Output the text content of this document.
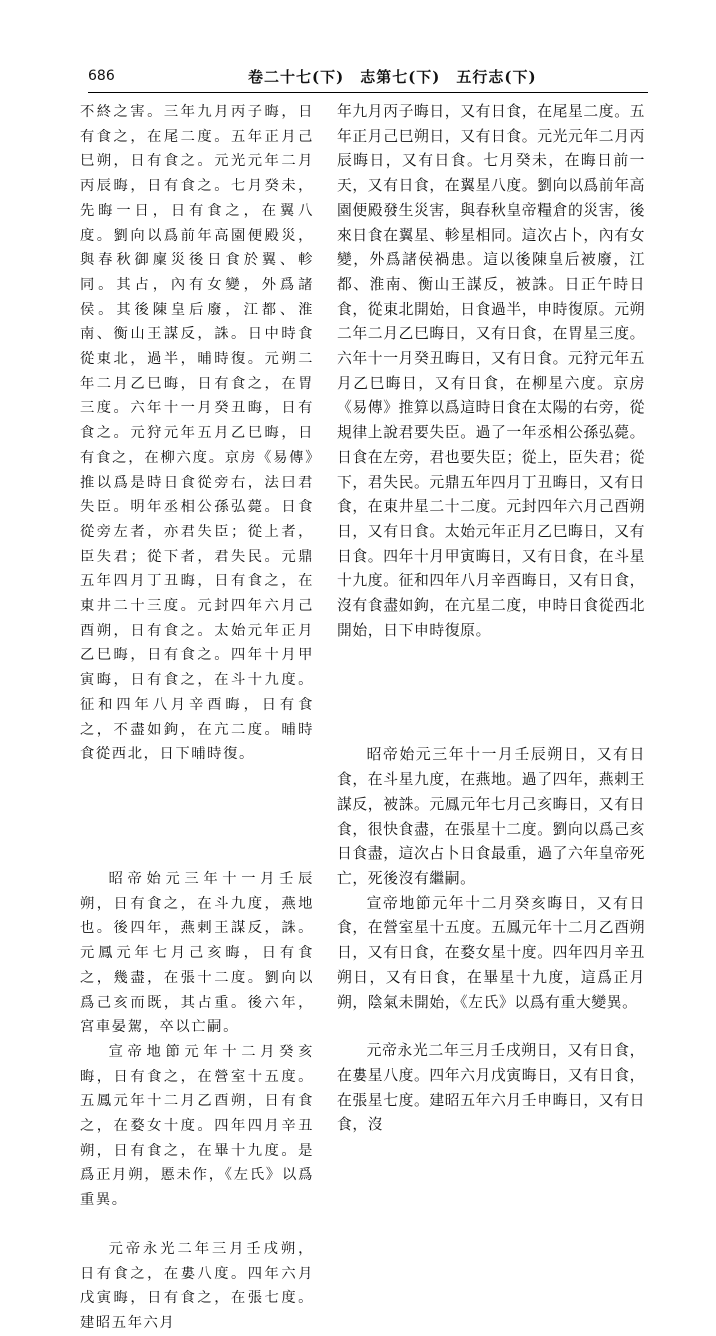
686	卷二十七(下)　志第七(下)　五行志(下)

不終之害。三年九月丙子晦，日有食之，在尾二度。五年正月己巳朔，日有食之。元光元年二月丙辰晦，日有食之。七月癸未，先晦一日，日有食之，在翼八度。劉向以爲前年高園便殿災，與春秋御廩災後日食於翼、軫同。其占，內有女變，外爲諸侯。其後陳皇后廢，江都、淮南、衡山王謀反，誅。日中時食從東北，過半，晡時復。元朔二年二月乙巳晦，日有食之，在胃三度。六年十一月癸丑晦，日有食之。元狩元年五月乙巳晦，日有食之，在柳六度。京房《易傳》推以爲是時日食從旁右，法曰君失臣。明年丞相公孫弘薨。日食從旁左者，亦君失臣；從上者，臣失君；從下者，君失民。元鼎五年四月丁丑晦，日有食之，在東井二十三度。元封四年六月己酉朔，日有食之。太始元年正月乙巳晦，日有食之。四年十月甲寅晦，日有食之，在斗十九度。征和四年八月辛酉晦，日有食之，不盡如鉤，在亢二度。晡時食從西北，日下晡時復。

昭帝始元三年十一月壬辰朔，日有食之，在斗九度，燕地也。後四年，燕剌王謀反，誅。元鳳元年七月己亥晦，日有食之，幾盡，在張十二度。劉向以爲己亥而既，其占重。後六年，宮車晏駕，卒以亡嗣。

宣帝地節元年十二月癸亥晦，日有食之，在營室十五度。五鳳元年十二月乙酉朔，日有食之，在婺女十度。四年四月辛丑朔，日有食之，在畢十九度。是爲正月朔，慝未作，《左氏》以爲重異。

元帝永光二年三月壬戌朔，日有食之，在婁八度。四年六月戊寅晦，日有食之，在張七度。建昭五年六月

年九月丙子晦日，又有日食，在尾星二度。五年正月己巳朔日，又有日食。元光元年二月丙辰晦日，又有日食。七月癸未，在晦日前一天，又有日食，在翼星八度。劉向以爲前年高園便殿發生災害，與春秋皇帝糧倉的災害，後來日食在翼星、軫星相同。這次占卜，內有女變，外爲諸侯禍患。這以後陳皇后被廢，江都、淮南、衡山王謀反，被誅。日正午時日食，從東北開始，日食過半，申時復原。元朔二年二月乙巳晦日，又有日食，在胃星三度。六年十一月癸丑晦日，又有日食。元狩元年五月乙巳晦日，又有日食，在柳星六度。京房《易傳》推算以爲這時日食在太陽的右旁，從規律上說君要失臣。過了一年丞相公孫弘薨。日食在左旁，君也要失臣；從上，臣失君；從下，君失民。元鼎五年四月丁丑晦日，又有日食，在東井星二十二度。元封四年六月己酉朔日，又有日食。太始元年正月乙巳晦日，又有日食。四年十月甲寅晦日，又有日食，在斗星十九度。征和四年八月辛酉晦日，又有日食，沒有食盡如鉤，在亢星二度，申時日食從西北開始，日下申時復原。

昭帝始元三年十一月壬辰朔日，又有日食，在斗星九度，在燕地。過了四年，燕剌王謀反，被誅。元鳳元年七月己亥晦日，又有日食，很快食盡，在張星十二度。劉向以爲己亥日食盡，這次占卜日食最重，過了六年皇帝死亡，死後沒有繼嗣。

宣帝地節元年十二月癸亥晦日，又有日食，在營室星十五度。五鳳元年十二月乙酉朔日，又有日食，在婺女星十度。四年四月辛丑朔日，又有日食，在畢星十九度，這爲正月朔，陰氣未開始，《左氏》以爲有重大變異。

元帝永光二年三月壬戌朔日，又有日食，在婁星八度。四年六月戊寅晦日，又有日食，在張星七度。建昭五年六月壬申晦日，又有日食，沒
